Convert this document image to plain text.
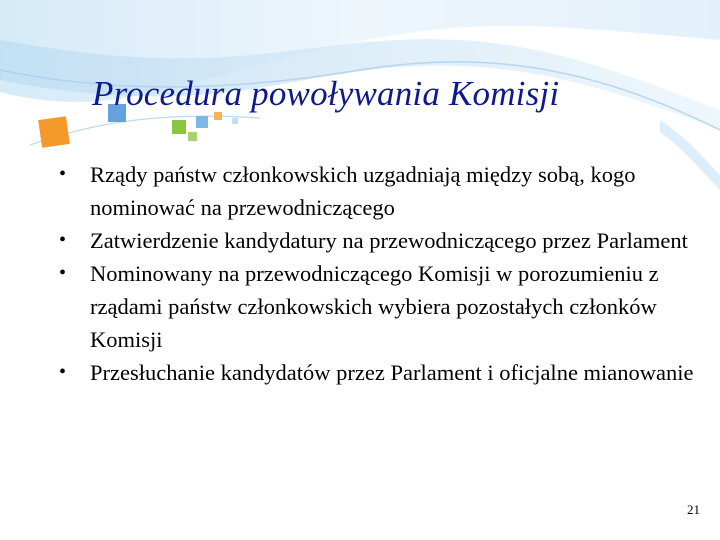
Procedura powoływania Komisji
•	Rządy państw członkowskich uzgadniają między sobą, kogo nominować na przewodniczącego
•	Zatwierdzenie kandydatury na przewodniczącego przez Parlament
•	Nominowany na przewodniczącego Komisji w porozumieniu z rządami państw członkowskich wybiera pozostałych członków Komisji
•	Przesłuchanie kandydatów przez Parlament i oficjalne mianowanie
21
